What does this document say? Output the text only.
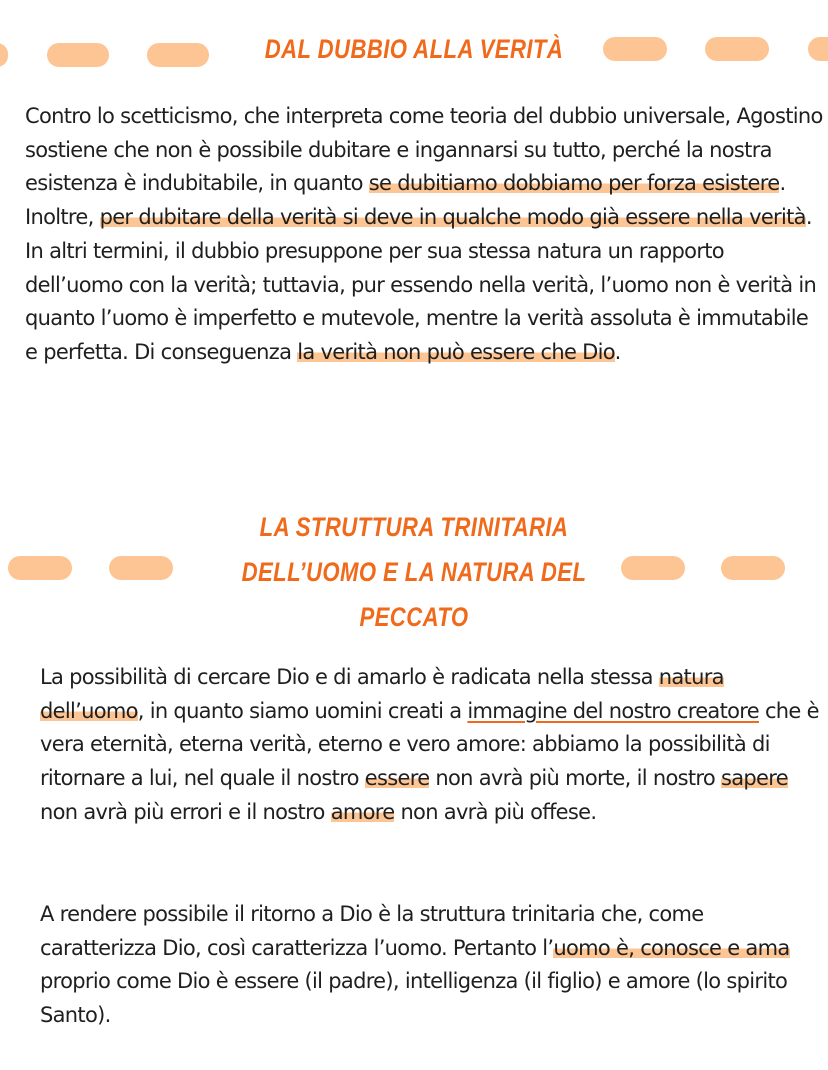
DAL DUBBIO ALLA VERITÀ
Contro lo scetticismo, che interpreta come teoria del dubbio universale, Agostino sostiene che non è possibile dubitare e ingannarsi su tutto, perché la nostra esistenza è indubitabile, in quanto se dubitiamo dobbiamo per forza esistere.
Inoltre, per dubitare della verità si deve in qualche modo già essere nella verità.
In altri termini, il dubbio presuppone per sua stessa natura un rapporto dell’uomo con la verità; tuttavia, pur essendo nella verità, l’uomo non è verità in quanto l’uomo è imperfetto e mutevole, mentre la verità assoluta è immutabile e perfetta. Di conseguenza la verità non può essere che Dio.
LA STRUTTURA TRINITARIA
DELL’UOMO E LA NATURA DEL
PECCATO
La possibilità di cercare Dio e di amarlo è radicata nella stessa natura dell’uomo, in quanto siamo uomini creati a immagine del nostro creatore che è vera eternità, eterna verità, eterno e vero amore: abbiamo la possibilità di ritornare a lui, nel quale il nostro essere non avrà più morte, il nostro sapere non avrà più errori e il nostro amore non avrà più offese.
A rendere possibile il ritorno a Dio è la struttura trinitaria che, come caratterizza Dio, così caratterizza l’uomo. Pertanto l’uomo è, conosce e ama proprio come Dio è essere (il padre), intelligenza (il figlio) e amore (lo spirito Santo).
